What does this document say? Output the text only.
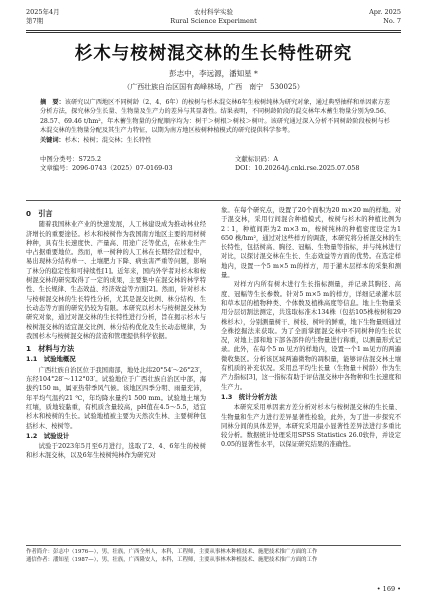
2025年4月
第7期
农村科学实验
Rural Science Experiment
Apr. 2025
No. 7
杉木与桉树混交林的生长特性研究
彭志中，李远源，潘知星 *
（广西壮族自治区国有高峰林场，广西　南宁　530025）
摘　要：该研究以广西地区不同树龄（2、4、6年）的桉树与杉木混交林6年生桉树纯林为研究对象，通过典型抽样和单因素方差分析方法，探究林分生长量、生物量及生产力的差异与其显著性。结果表明，不同树龄阶段的混交林年木蓄生物量分别为9.56、28.57、69.46 t/hm²，年木蓄生物量的分配顺序均为：树干＞树根＞树枝＞树叶。该研究通过深入分析不同树龄阶段桉树与杉木混交林的生物量分配及其生产力特征，以期为南方地区桉树种植模式的研究提供科学参考。
关键词：杉木；桉树；混交林；生长特性
中图分类号：S725.2	文献标识码：A
文章编号：2096-0743（2025）07-0169-03	DOI：10.20264/j.cnki.rse.2025.07.058
0　引言

随着我国林业产业的快速发展，人工林建设成为推动林业经济增长的重要途径。杉木和桉树作为我国南方地区主要的用材树种种，具有生长速度快、产量高、用途广泛等优点，在林业生产中占据重要地位。然而，单一树种的人工林在长期经营过程中，易出现林分结构单一、土壤肥力下降、病虫害严重等问题，影响了林分的稳定性和可持续性[1]。近年来，国内外学者对杉木和桉树混交林的研究取得了一定的成果，主要集中在混交林的林学特性、生长规律、生态效益、经济效益等方面[2]。然而，针对杉木与桉树混交林的生长特性分析，尤其是混交比例、林分结构、生长动态等方面的研究仍较为有限。本研究以杉木与桉树混交林为研究对象，通过对混交林的生长特性进行分析，旨在揭示杉木与桉树混交林的适宜混交比例、林分结构优化及生长动态规律，为我国杉木与桉树混交林的营造和管理提供科学依据。

1　材料与方法
1.1　试验地概况

广西壮族自治区位于我国南部，地处北纬20°54′～26°23′，东经104°28′～112°03′。试验地位于广西壮族自治区中部，海拔约150 m，属亚热带季风气候。该地区四季分明、雨量充沛，年平均气温约21 ℃，年均降水量约1 500 mm。试验地土壤为红壤，质地较黏重，有机质含量较高，pH值在4.5～5.5，适宜杉木和桉树的生长。试验地植被主要为天然次生林、主要树种包括杉木、桉树等。

1.2　试验设计

试验于2023年5月至6月进行，选取了2、4、6年生的桉树和杉木混交林，以及6年生桉树纯林作为研究对

象。在每个研究点，设置了20个面积为20 m×20 m的样地。对于混交林，采用行间混合种植模式，桉树与杉木的种植比例为2∶1，种植间距为2 m×3 m，桉树纯林的种植密度设定为1 650 株/hm²，通过对这些样方的调查，本研究将分析混交林的生长特性，包括树高、胸径、冠幅、生物量等指标，并与纯林进行对比，以探讨混交林在生长、生态效益等方面的优势。在选定样地内，设置一个5 m×5 m的样方，用于灌木层样本的采集和测量。

对样方内所有树木进行生长指标测量，并记录其胸径、高度、冠幅等生长参数。针对5 m×5 m的样方，详细记录灌木层和草本层的植物种类、个体数及植株高度等信息。地上生物量采用分层切割法测定，共选取标准木134株（包括105株桉树和29株杉木），分别测量树干、树枝、树叶的鲜重，地下生物量则通过全株挖掘法来获取。为了全面掌握混交林中不同树种的生长状况，对地上部和地下部各部件的生物量进行称重，以测量形式记录。此外，在每个5 m 见方的样地内，设置一个1 m见方的两遍微收集区。分析该区域两遍微物的凋积量，能够评估混交林土壤有机质的补充状况。采用总平均生长量（生物量＋树龄）作为生产力指标[3]，这一指标有助于评估混交林中各物种和生长速度和生产力。

1.3　统计分析方法

本研究采用单因素方差分析对杉木与桉树混交林的生长量、生物量和生产力进行差异显著性检验，此外，为了进一步探究不同林分间的具体差异，本研究采用最小显著性差异法进行多重比较分析。数据统计处理采用SPSS Statistics 26.0软件，并设定0.05的显著性水平，以保证研究结果的准确性。

作者简介：彭志中（1976—），男，壮族，广西全州人，本科，工程师，主要从事林木种植技术、施肥技术推广方面的工作
通信作者：潘知星（1987—），男，壮族，广西隆安人，本科，工程师，主要从事林木种植技术、施肥技术推广方面的工作
• 169 •
